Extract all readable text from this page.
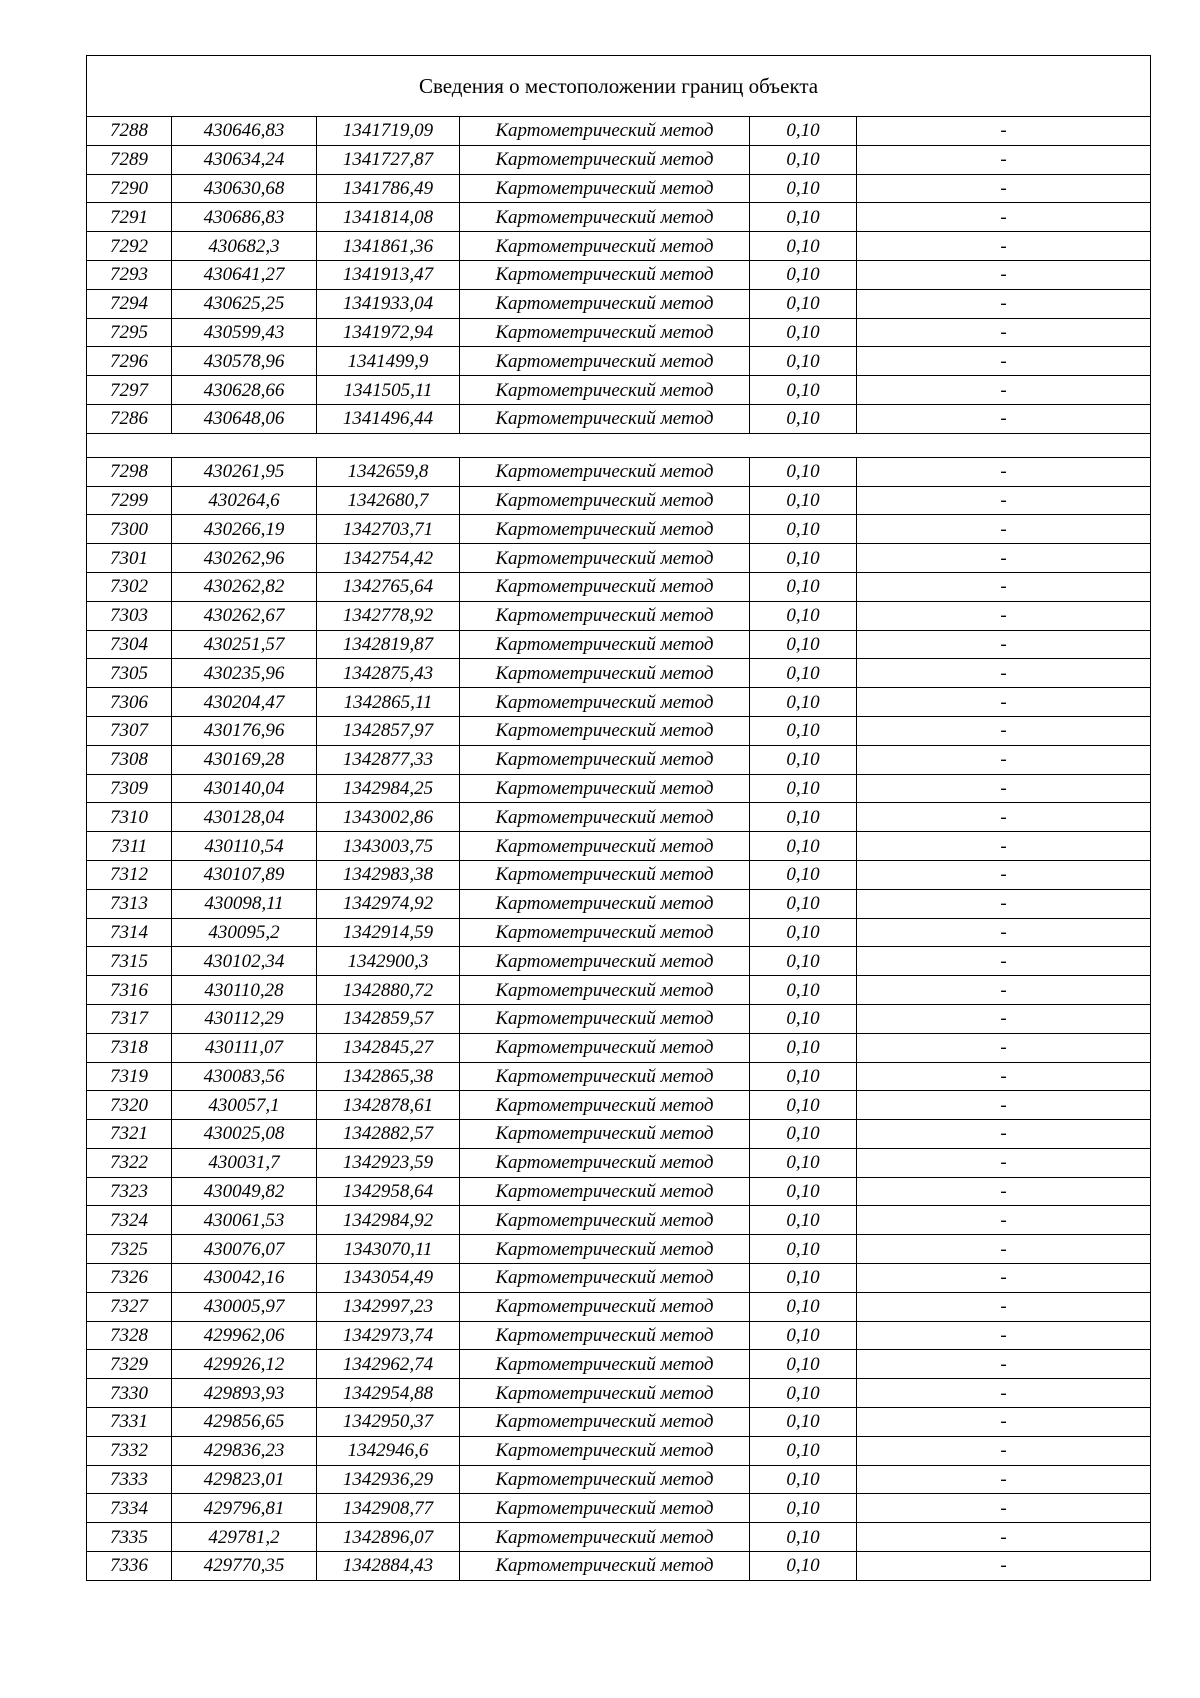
Сведения о местоположении границ объекта					
7288	430646,83	1341719,09	Картометрический метод	0,10	-
7289	430634,24	1341727,87	Картометрический метод	0,10	-
7290	430630,68	1341786,49	Картометрический метод	0,10	-
7291	430686,83	1341814,08	Картометрический метод	0,10	-
7292	430682,3	1341861,36	Картометрический метод	0,10	-
7293	430641,27	1341913,47	Картометрический метод	0,10	-
7294	430625,25	1341933,04	Картометрический метод	0,10	-
7295	430599,43	1341972,94	Картометрический метод	0,10	-
7296	430578,96	1341499,9	Картометрический метод	0,10	-
7297	430628,66	1341505,11	Картометрический метод	0,10	-
7286	430648,06	1341496,44	Картометрический метод	0,10	-

7298	430261,95	1342659,8	Картометрический метод	0,10	-
7299	430264,6	1342680,7	Картометрический метод	0,10	-
7300	430266,19	1342703,71	Картометрический метод	0,10	-
7301	430262,96	1342754,42	Картометрический метод	0,10	-
7302	430262,82	1342765,64	Картометрический метод	0,10	-
7303	430262,67	1342778,92	Картометрический метод	0,10	-
7304	430251,57	1342819,87	Картометрический метод	0,10	-
7305	430235,96	1342875,43	Картометрический метод	0,10	-
7306	430204,47	1342865,11	Картометрический метод	0,10	-
7307	430176,96	1342857,97	Картометрический метод	0,10	-
7308	430169,28	1342877,33	Картометрический метод	0,10	-
7309	430140,04	1342984,25	Картометрический метод	0,10	-
7310	430128,04	1343002,86	Картометрический метод	0,10	-
7311	430110,54	1343003,75	Картометрический метод	0,10	-
7312	430107,89	1342983,38	Картометрический метод	0,10	-
7313	430098,11	1342974,92	Картометрический метод	0,10	-
7314	430095,2	1342914,59	Картометрический метод	0,10	-
7315	430102,34	1342900,3	Картометрический метод	0,10	-
7316	430110,28	1342880,72	Картометрический метод	0,10	-
7317	430112,29	1342859,57	Картометрический метод	0,10	-
7318	430111,07	1342845,27	Картометрический метод	0,10	-
7319	430083,56	1342865,38	Картометрический метод	0,10	-
7320	430057,1	1342878,61	Картометрический метод	0,10	-
7321	430025,08	1342882,57	Картометрический метод	0,10	-
7322	430031,7	1342923,59	Картометрический метод	0,10	-
7323	430049,82	1342958,64	Картометрический метод	0,10	-
7324	430061,53	1342984,92	Картометрический метод	0,10	-
7325	430076,07	1343070,11	Картометрический метод	0,10	-
7326	430042,16	1343054,49	Картометрический метод	0,10	-
7327	430005,97	1342997,23	Картометрический метод	0,10	-
7328	429962,06	1342973,74	Картометрический метод	0,10	-
7329	429926,12	1342962,74	Картометрический метод	0,10	-
7330	429893,93	1342954,88	Картометрический метод	0,10	-
7331	429856,65	1342950,37	Картометрический метод	0,10	-
7332	429836,23	1342946,6	Картометрический метод	0,10	-
7333	429823,01	1342936,29	Картометрический метод	0,10	-
7334	429796,81	1342908,77	Картометрический метод	0,10	-
7335	429781,2	1342896,07	Картометрический метод	0,10	-
7336	429770,35	1342884,43	Картометрический метод	0,10	-
